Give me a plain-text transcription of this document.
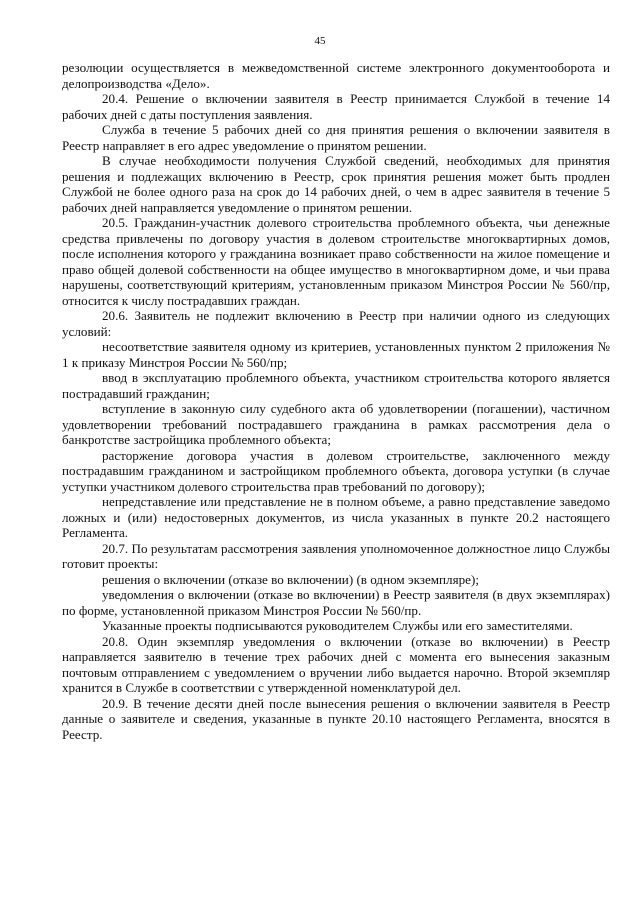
45

резолюции осуществляется в межведомственной системе электронного документооборота и делопроизводства «Дело».

20.4. Решение о включении заявителя в Реестр принимается Службой в течение 14 рабочих дней с даты поступления заявления.

Служба в течение 5 рабочих дней со дня принятия решения о включении заявителя в Реестр направляет в его адрес уведомление о принятом решении.

В случае необходимости получения Службой сведений, необходимых для принятия решения и подлежащих включению в Реестр, срок принятия решения может быть продлен Службой не более одного раза на срок до 14 рабочих дней, о чем в адрес заявителя в течение 5 рабочих дней направляется уведомление о принятом решении.

20.5. Гражданин-участник долевого строительства проблемного объекта, чьи денежные средства привлечены по договору участия в долевом строительстве многоквартирных домов, после исполнения которого у гражданина возникает право собственности на жилое помещение и право общей долевой собственности на общее имущество в многоквартирном доме, и чьи права нарушены, соответствующий критериям, установленным приказом Минстроя России № 560/пр, относится к числу пострадавших граждан.

20.6. Заявитель не подлежит включению в Реестр при наличии одного из следующих условий:

несоответствие заявителя одному из критериев, установленных пунктом 2 приложения № 1 к приказу Минстроя России № 560/пр;

ввод в эксплуатацию проблемного объекта, участником строительства которого является пострадавший гражданин;

вступление в законную силу судебного акта об удовлетворении (погашении), частичном удовлетворении требований пострадавшего гражданина в рамках рассмотрения дела о банкротстве застройщика проблемного объекта;

расторжение договора участия в долевом строительстве, заключенного между пострадавшим гражданином и застройщиком проблемного объекта, договора уступки (в случае уступки участником долевого строительства прав требований по договору);

непредставление или представление не в полном объеме, а равно представление заведомо ложных и (или) недостоверных документов, из числа указанных в пункте 20.2 настоящего Регламента.

20.7. По результатам рассмотрения заявления уполномоченное должностное лицо Службы готовит проекты:

решения о включении (отказе во включении) (в одном экземпляре);

уведомления о включении (отказе во включении) в Реестр заявителя (в двух экземплярах) по форме, установленной приказом Минстроя России № 560/пр.

Указанные проекты подписываются руководителем Службы или его заместителями.

20.8. Один экземпляр уведомления о включении (отказе во включении) в Реестр направляется заявителю в течение трех рабочих дней с момента его вынесения заказным почтовым отправлением с уведомлением о вручении либо выдается нарочно. Второй экземпляр хранится в Службе в соответствии с утвержденной номенклатурой дел.

20.9. В течение десяти дней после вынесения решения о включении заявителя в Реестр данные о заявителе и сведения, указанные в пункте 20.10 настоящего Регламента, вносятся в Реестр.
